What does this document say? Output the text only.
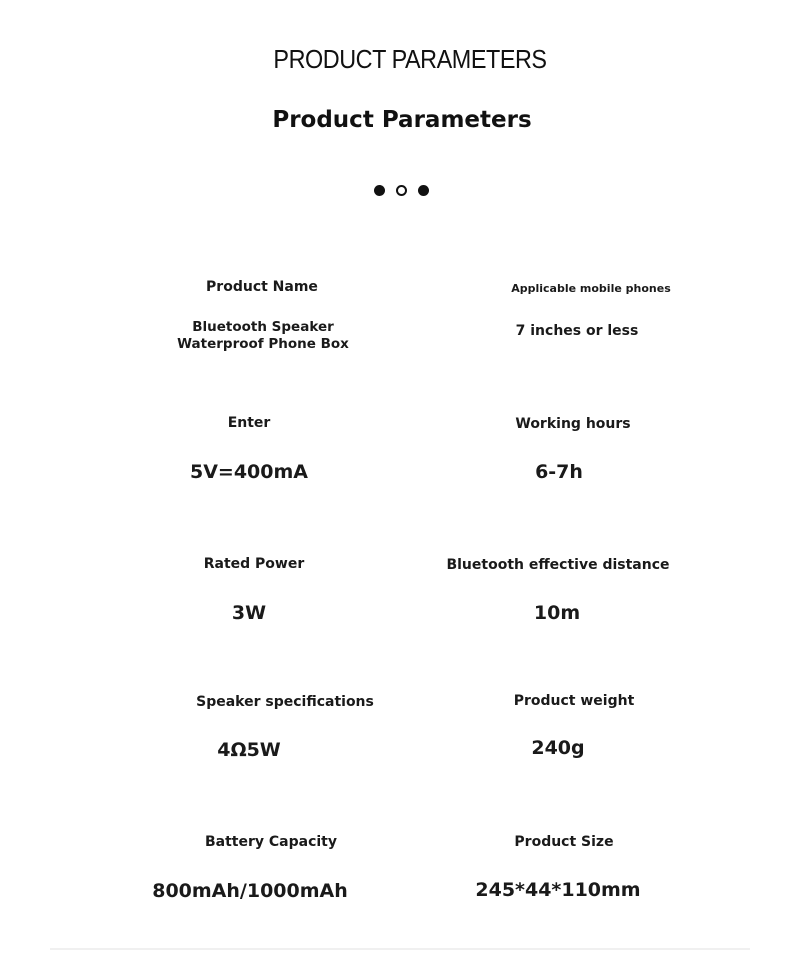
PRODUCT PARAMETERS
Product Parameters
Product Name
Bluetooth Speaker Waterproof Phone Box
Applicable mobile phones
7 inches or less
Enter
5V=400mA
Working hours
6-7h
Rated Power
3W
Bluetooth effective distance
10m
Speaker specifications
4Ω5W
Product weight
240g
Battery Capacity
800mAh/1000mAh
Product Size
245*44*110mm
